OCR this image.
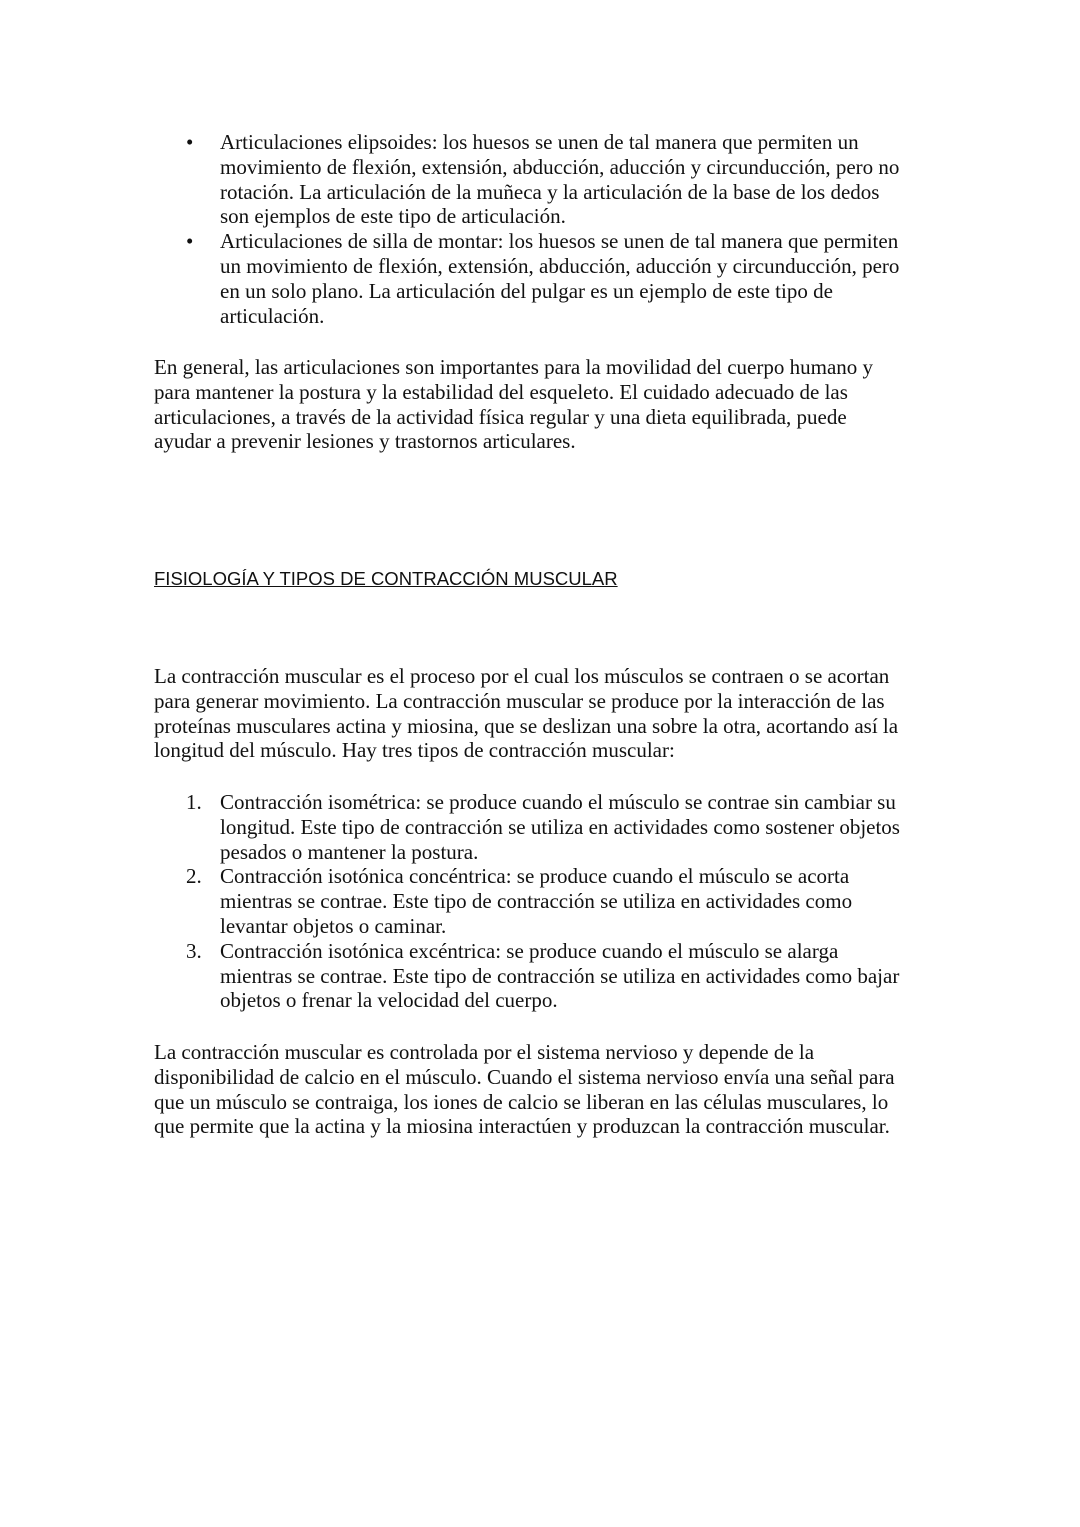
• Articulaciones elipsoides: los huesos se unen de tal manera que permiten un
movimiento de flexión, extensión, abducción, aducción y circunducción, pero no
rotación. La articulación de la muñeca y la articulación de la base de los dedos
son ejemplos de este tipo de articulación.
• Articulaciones de silla de montar: los huesos se unen de tal manera que permiten
un movimiento de flexión, extensión, abducción, aducción y circunducción, pero
en un solo plano. La articulación del pulgar es un ejemplo de este tipo de
articulación.
En general, las articulaciones son importantes para la movilidad del cuerpo humano y
para mantener la postura y la estabilidad del esqueleto. El cuidado adecuado de las
articulaciones, a través de la actividad física regular y una dieta equilibrada, puede
ayudar a prevenir lesiones y trastornos articulares.
FISIOLOGÍA Y TIPOS DE CONTRACCIÓN MUSCULAR
La contracción muscular es el proceso por el cual los músculos se contraen o se acortan
para generar movimiento. La contracción muscular se produce por la interacción de las
proteínas musculares actina y miosina, que se deslizan una sobre la otra, acortando así la
longitud del músculo. Hay tres tipos de contracción muscular:
1. Contracción isométrica: se produce cuando el músculo se contrae sin cambiar su
longitud. Este tipo de contracción se utiliza en actividades como sostener objetos
pesados o mantener la postura.
2. Contracción isotónica concéntrica: se produce cuando el músculo se acorta
mientras se contrae. Este tipo de contracción se utiliza en actividades como
levantar objetos o caminar.
3. Contracción isotónica excéntrica: se produce cuando el músculo se alarga
mientras se contrae. Este tipo de contracción se utiliza en actividades como bajar
objetos o frenar la velocidad del cuerpo.
La contracción muscular es controlada por el sistema nervioso y depende de la
disponibilidad de calcio en el músculo. Cuando el sistema nervioso envía una señal para
que un músculo se contraiga, los iones de calcio se liberan en las células musculares, lo
que permite que la actina y la miosina interactúen y produzcan la contracción muscular.
